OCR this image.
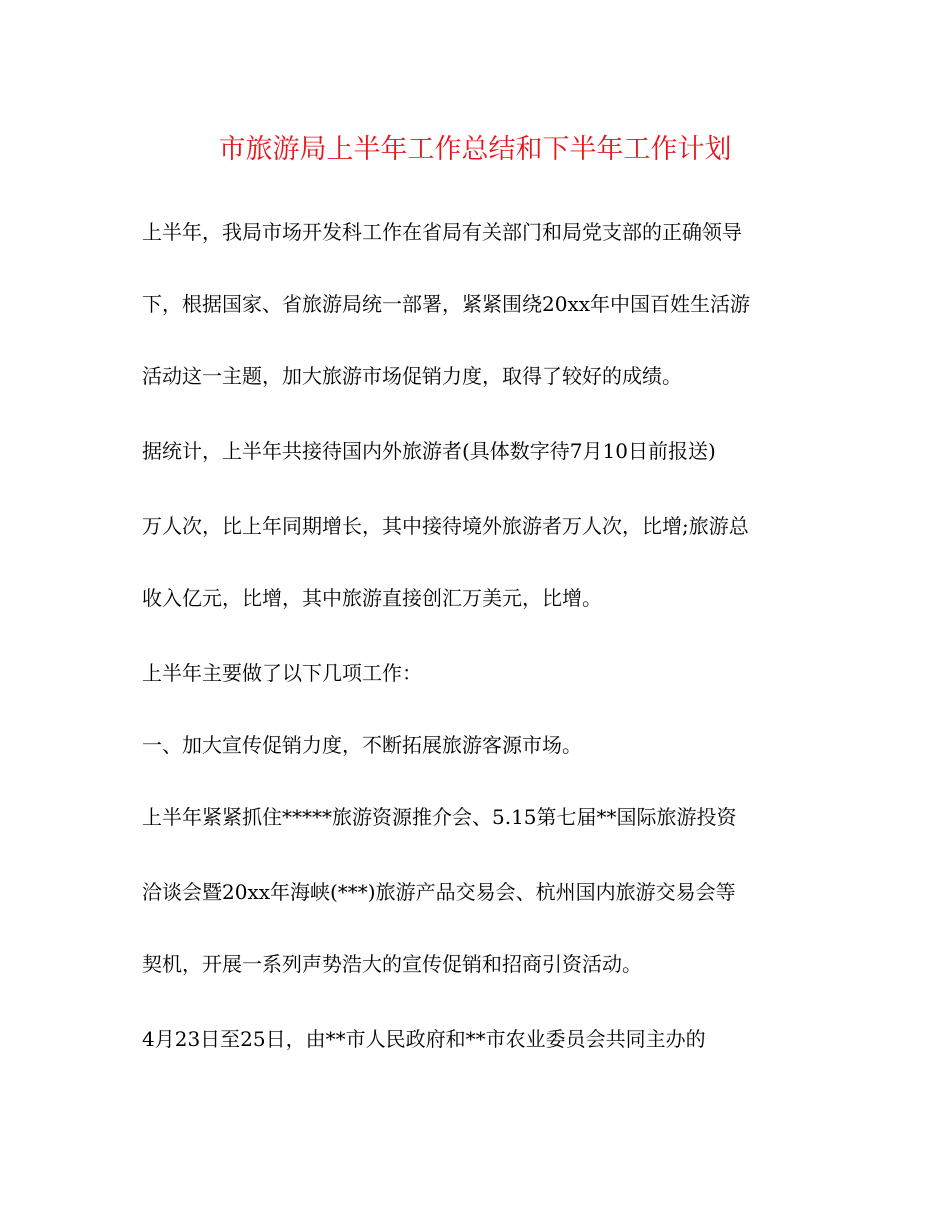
市旅游局上半年工作总结和下半年工作计划
上半年，我局市场开发科工作在省局有关部门和局党支部的正确领导
下，根据国家、省旅游局统一部署，紧紧围绕20xx年中国百姓生活游
活动这一主题，加大旅游市场促销力度，取得了较好的成绩。
据统计，上半年共接待国内外旅游者(具体数字待7月10日前报送)
万人次，比上年同期增长，其中接待境外旅游者万人次，比增;旅游总
收入亿元，比增，其中旅游直接创汇万美元，比增。
上半年主要做了以下几项工作：
一、加大宣传促销力度，不断拓展旅游客源市场。
上半年紧紧抓住*****旅游资源推介会、5.15第七届**国际旅游投资
洽谈会暨20xx年海峡(***)旅游产品交易会、杭州国内旅游交易会等
契机，开展一系列声势浩大的宣传促销和招商引资活动。
4月23日至25日，由**市人民政府和**市农业委员会共同主办的
